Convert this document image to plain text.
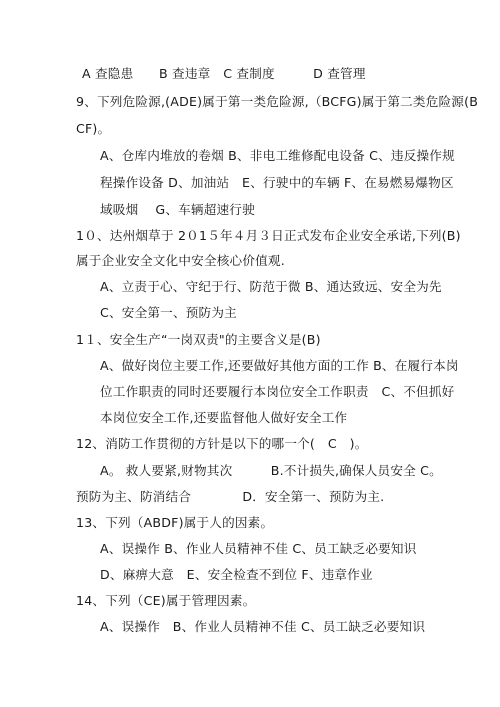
A 查隐患　　B 查违章　C 查制度　　　D 查管理
9、下列危险源,(ADE)属于第一类危险源,（BCFG)属于第二类危险源(B
CF)。
A、仓库内堆放的卷烟 B、非电工维修配电设备 C、违反操作规
程操作设备 D、加油站　E、行驶中的车辆 F、在易燃易爆物区
域吸烟　 G、车辆超速行驶
1０、达州烟草于 2０1５年４月３日正式发布企业安全承诺,下列(B)
属于企业安全文化中安全核心价值观.
A、立责于心、守纪于行、防范于微 B、通达致远、安全为先
C、安全第一、预防为主
1１、安全生产“一岗双责"的主要含义是(B)
A、做好岗位主要工作,还要做好其他方面的工作 B、在履行本岗
位工作职责的同时还要履行本岗位安全工作职责　C、不但抓好
本岗位安全工作,还要监督他人做好安全工作
12、消防工作贯彻的方针是以下的哪一个(　C　)。
A。 救人要紧,财物其次　　　B.不计损失,确保人员安全 C。
预防为主、防消结合　　　　D．安全第一、预防为主.
13、下列（ABDF)属于人的因素。
A、误操作 B、作业人员精神不佳 C、员工缺乏必要知识
D、麻痹大意　E、安全检查不到位 F、违章作业
14、下列（CE)属于管理因素。
A、误操作　B、作业人员精神不佳 C、员工缺乏必要知识
